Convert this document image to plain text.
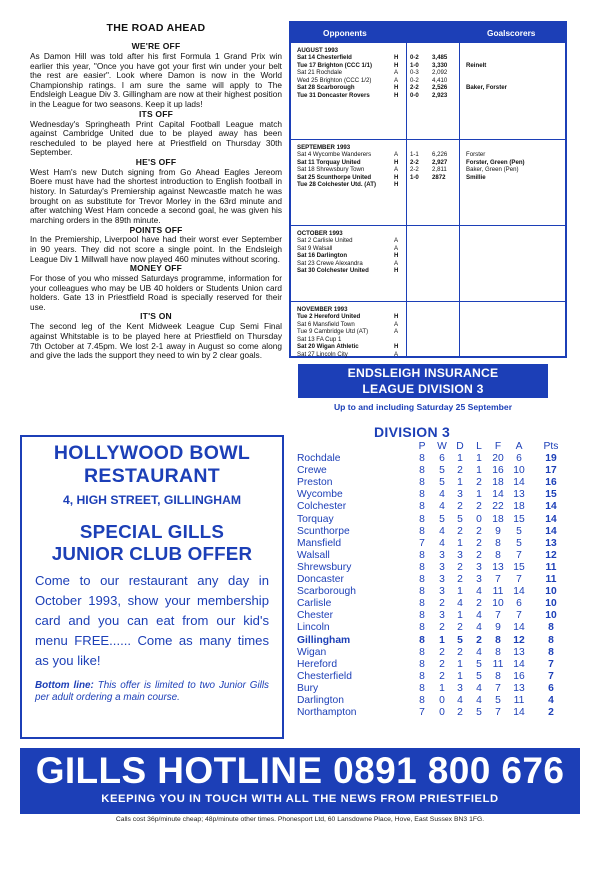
THE ROAD AHEAD
WE'RE OFF

As Damon Hill was told after his first Formula 1 Grand Prix win earlier this year, "Once you have got your first win under your belt the rest are easier". Look where Damon is now in the World Championship ratings. I am sure the same will apply to The Endsleigh League Div 3. Gillingham are now at their highest position in the League for two seasons. Keep it up lads!

ITS OFF

Wednesday's Springheath Print Capital Football League match against Cambridge United due to be played away has been rescheduled to be played here at Priestfield on Thursday 30th September.

HE'S OFF

West Ham's new Dutch signing from Go Ahead Eagles Jereom Boere must have had the shortest introduction to English football in history. In Saturday's Premiership against Newcastle match he was brought on as substitute for Trevor Morley in the 63rd minute and after watching West Ham concede a second goal, he was given his marching orders in the 89th minute.

POINTS OFF

In the Premiership, Liverpool have had their worst ever September in 90 years. They did not score a single point. In the Endsleigh League Div 1 Millwall have now played 460 minutes without scoring.

MONEY OFF

For those of you who missed Saturdays programme, information for your colleagues who may be UB 40 holders or Students Union card holders. Gate 13 in Priestfield Road is specially reserved for their use.

IT'S ON

The second leg of the Kent Midweek League Cup Semi Final against Whitstable is to be played here at Priestfield on Thursday 7th October at 7.45pm. We lost 2-1 away in August so come along and give the lads the support they need to win by 2 clear goals.

Opponents	Goalscorers
AUGUST 1993
Sat 14 Chesterfield	H 0-2 3,485
Tue 17 Brighton (CCC 1/1)	H 1-0 3,330	Reinelt
Sat 21 Rochdale	A 0-3 2,092
Wed 25 Brighton (CCC 1/2)	A 0-2 4,410
Sat 28 Scarborough	H 2-2 2,526	Baker, Forster
Tue 31 Doncaster Rovers	H 0-0 2,923
SEPTEMBER 1993
Sat 4 Wycombe Wanderers	A 1-1 6,226	Forster
Sat 11 Torquay United	H 2-2 2,927	Forster, Green (Pen)
Sat 18 Shrewsbury Town	A 2-2 2,811	Baker, Green (Pen)
Sat 25 Scunthorpe United	H 1-0 2872	Smillie
Tue 28 Colchester Utd. (AT)	H
OCTOBER 1993
Sat 2 Carlisle United	A
Sat 9 Walsall	A
Sat 16 Darlington	H
Sat 23 Crewe Alexandra	A
Sat 30 Colchester United	H
NOVEMBER 1993
Tue 2 Hereford United	H
Sat 6 Mansfield Town	A
Tue 9 Cambridge Utd (AT)	A
Sat 13 FA Cup 1
Sat 20 Wigan Athletic	H
Sat 27 Lincoln City	A
ENDSLEIGH INSURANCE
LEAGUE DIVISION 3
Up to and including Saturday 25 September
DIVISION 3
P	W D	L	F	A	Pts
Rochdale	8	6	1	1	20	6	19
Crewe	8	5	2	1	16 10 17
Preston	8	5	1	2	18 14 16
Wycombe	8	4	3	1	14 13 15
Colchester	8	4	2	2	22 18 14
Torquay	8	5	5	0	18 15 14
Scunthorpe	8	4	2	2	9	5	14
Mansfield	7	4	1	2	8	5	13
Walsall	8	3	3	2	8	7	12
Shrewsbury	8	3	2	3	13 15 11
Doncaster	8	3	2	3	7	7	11
Scarborough	8	3	1	4	11 14 10
Carlisle	8	2	4	2	10	6	10
Chester	8	3	1	4	7	7	10
Lincoln	8	2	2	4	9	14	8
Gillingham	8	1	5	2	8	12	8
Wigan	8	2	2	4	8	13	8
Hereford	8	2	1	5	11 14	7
Chesterfield	8	2	1	5	8	16	7
Bury	8	1	3	4	7	13	6
Darlington	8	0	4	4	5	11	4
Northampton	7	0	2	5	7	14	2
HOLLYWOOD BOWL
RESTAURANT
4, HIGH STREET, GILLINGHAM
SPECIAL GILLS
JUNIOR CLUB OFFER
Come to our restaurant any day in October 1993, show your membership card and you can eat from our kid's menu FREE...... Come as many times as you like!
Bottom line: This offer is limited to two Junior Gills per adult ordering a main course.
GILLS HOTLINE 0891 800 676
KEEPING YOU IN TOUCH WITH ALL THE NEWS FROM PRIESTFIELD
Calls cost 36p/minute cheap; 48p/minute other times. Phonesport Ltd, 60 Lansdowne Place, Hove, East Sussex BN3 1FG.
